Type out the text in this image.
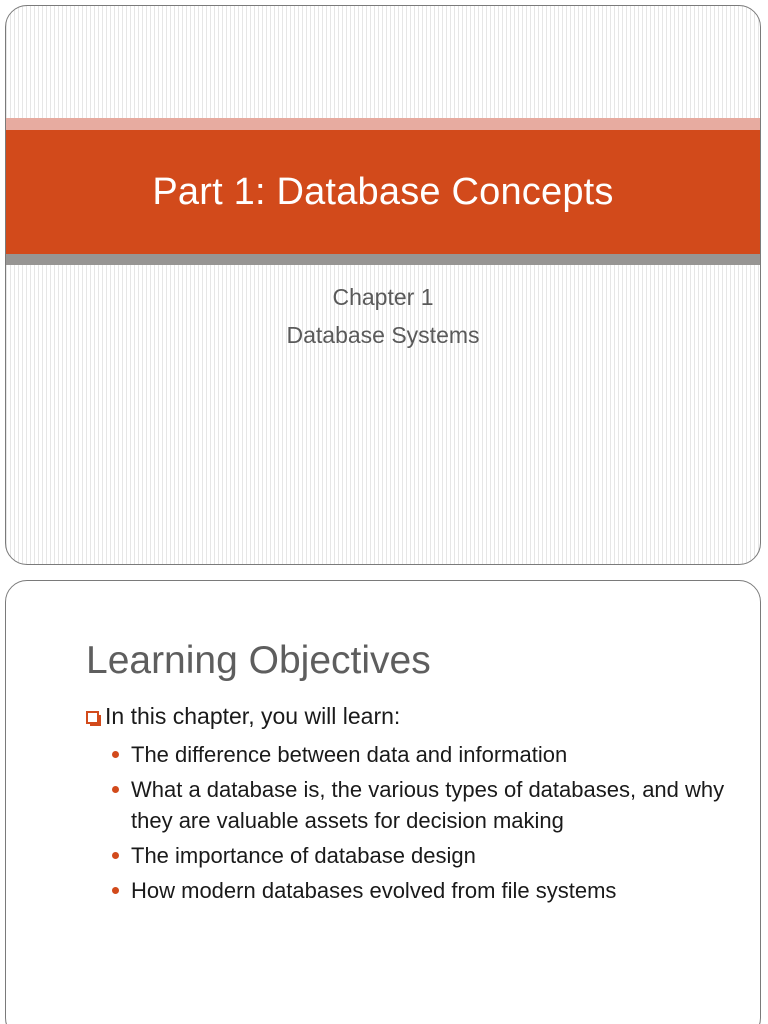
Part 1: Database Concepts
Chapter 1
Database Systems
Learning Objectives
In this chapter, you will learn:
The difference between data and information
What a database is, the various types of databases, and why they are valuable assets for decision making
The importance of database design
How modern databases evolved from file systems
